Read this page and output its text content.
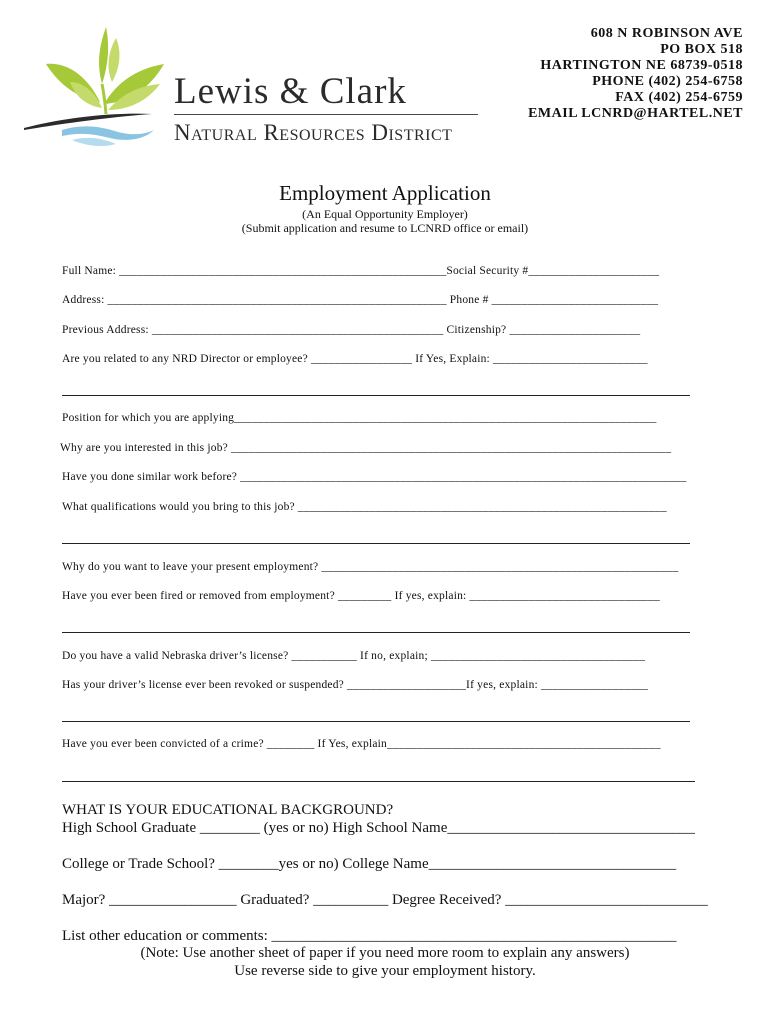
Lewis & Clark
Natural Resources District
608 N ROBINSON AVE
PO BOX 518
HARTINGTON NE 68739-0518
PHONE (402) 254-6758
FAX (402) 254-6759
EMAIL LCNRD@HARTEL.NET
Employment Application
(An Equal Opportunity Employer)
(Submit application and resume to LCNRD office or email)
Full Name: _______________________________________________________Social Security #______________________
Address: _________________________________________________________ Phone # ____________________________
Previous Address: _________________________________________________ Citizenship? ______________________
Are you related to any NRD Director or employee? _________________ If Yes, Explain: __________________________
Position for which you are applying_______________________________________________________________________
Why are you interested in this job? __________________________________________________________________________
Have you done similar work before? ___________________________________________________________________________
What qualifications would you bring to this job? ______________________________________________________________
Why do you want to leave your present employment? ____________________________________________________________
Have you ever been fired or removed from employment? _________ If yes, explain: ________________________________
Do you have a valid Nebraska driver’s license? ___________ If no, explain; ____________________________________
Has your driver’s license ever been revoked or suspended? ____________________If yes, explain: __________________
Have you ever been convicted of a crime? ________ If Yes, explain______________________________________________
WHAT IS YOUR EDUCATIONAL BACKGROUND?
High School Graduate ________ (yes or no) High School Name_________________________________
College or Trade School? ________yes or no) College Name_________________________________
Major? _________________ Graduated? __________ Degree Received? ___________________________
List other education or comments: ______________________________________________________
(Note: Use another sheet of paper if you need more room to explain any answers)
Use reverse side to give your employment history.
